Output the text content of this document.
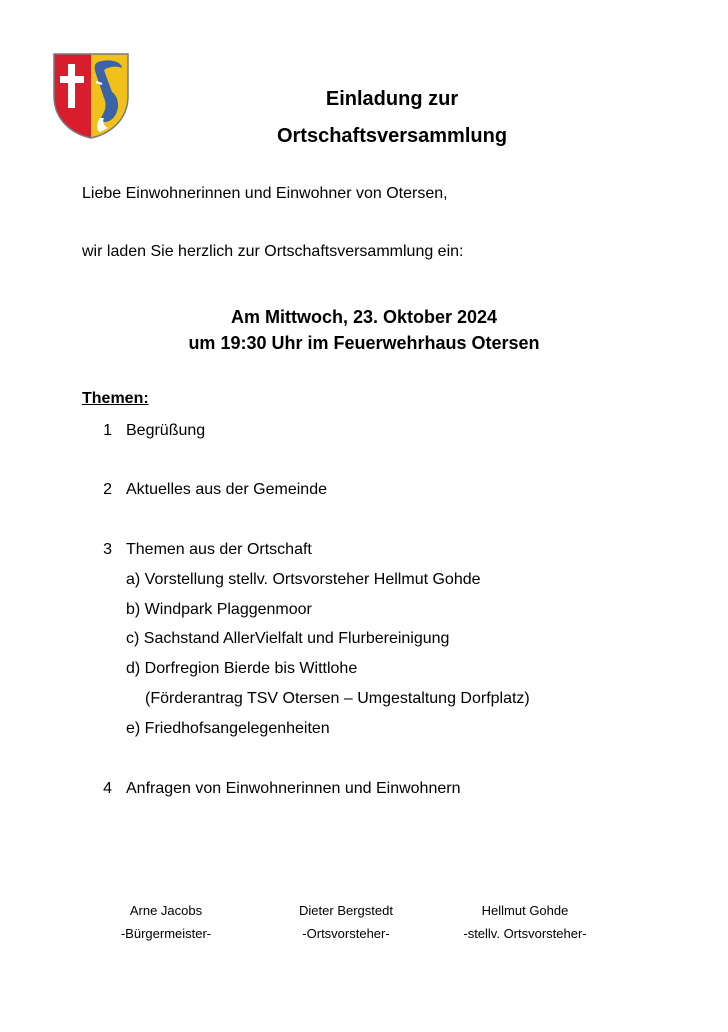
Einladung zur
Ortschaftsversammlung
Liebe Einwohnerinnen und Einwohner von Otersen,
wir laden Sie herzlich zur Ortschaftsversammlung ein:
Am Mittwoch, 23. Oktober 2024
um 19:30 Uhr im Feuerwehrhaus Otersen
Themen:
1 Begrüßung
2 Aktuelles aus der Gemeinde
3 Themen aus der Ortschaft
a) Vorstellung stellv. Ortsvorsteher Hellmut Gohde
b) Windpark Plaggenmoor
c) Sachstand AllerVielfalt und Flurbereinigung
d) Dorfregion Bierde bis Wittlohe
(Förderantrag TSV Otersen – Umgestaltung Dorfplatz)
e) Friedhofsangelegenheiten
4 Anfragen von Einwohnerinnen und Einwohnern
Arne Jacobs
-Bürgermeister-
Dieter Bergstedt
-Ortsvorsteher-
Hellmut Gohde
-stellv. Ortsvorsteher-
